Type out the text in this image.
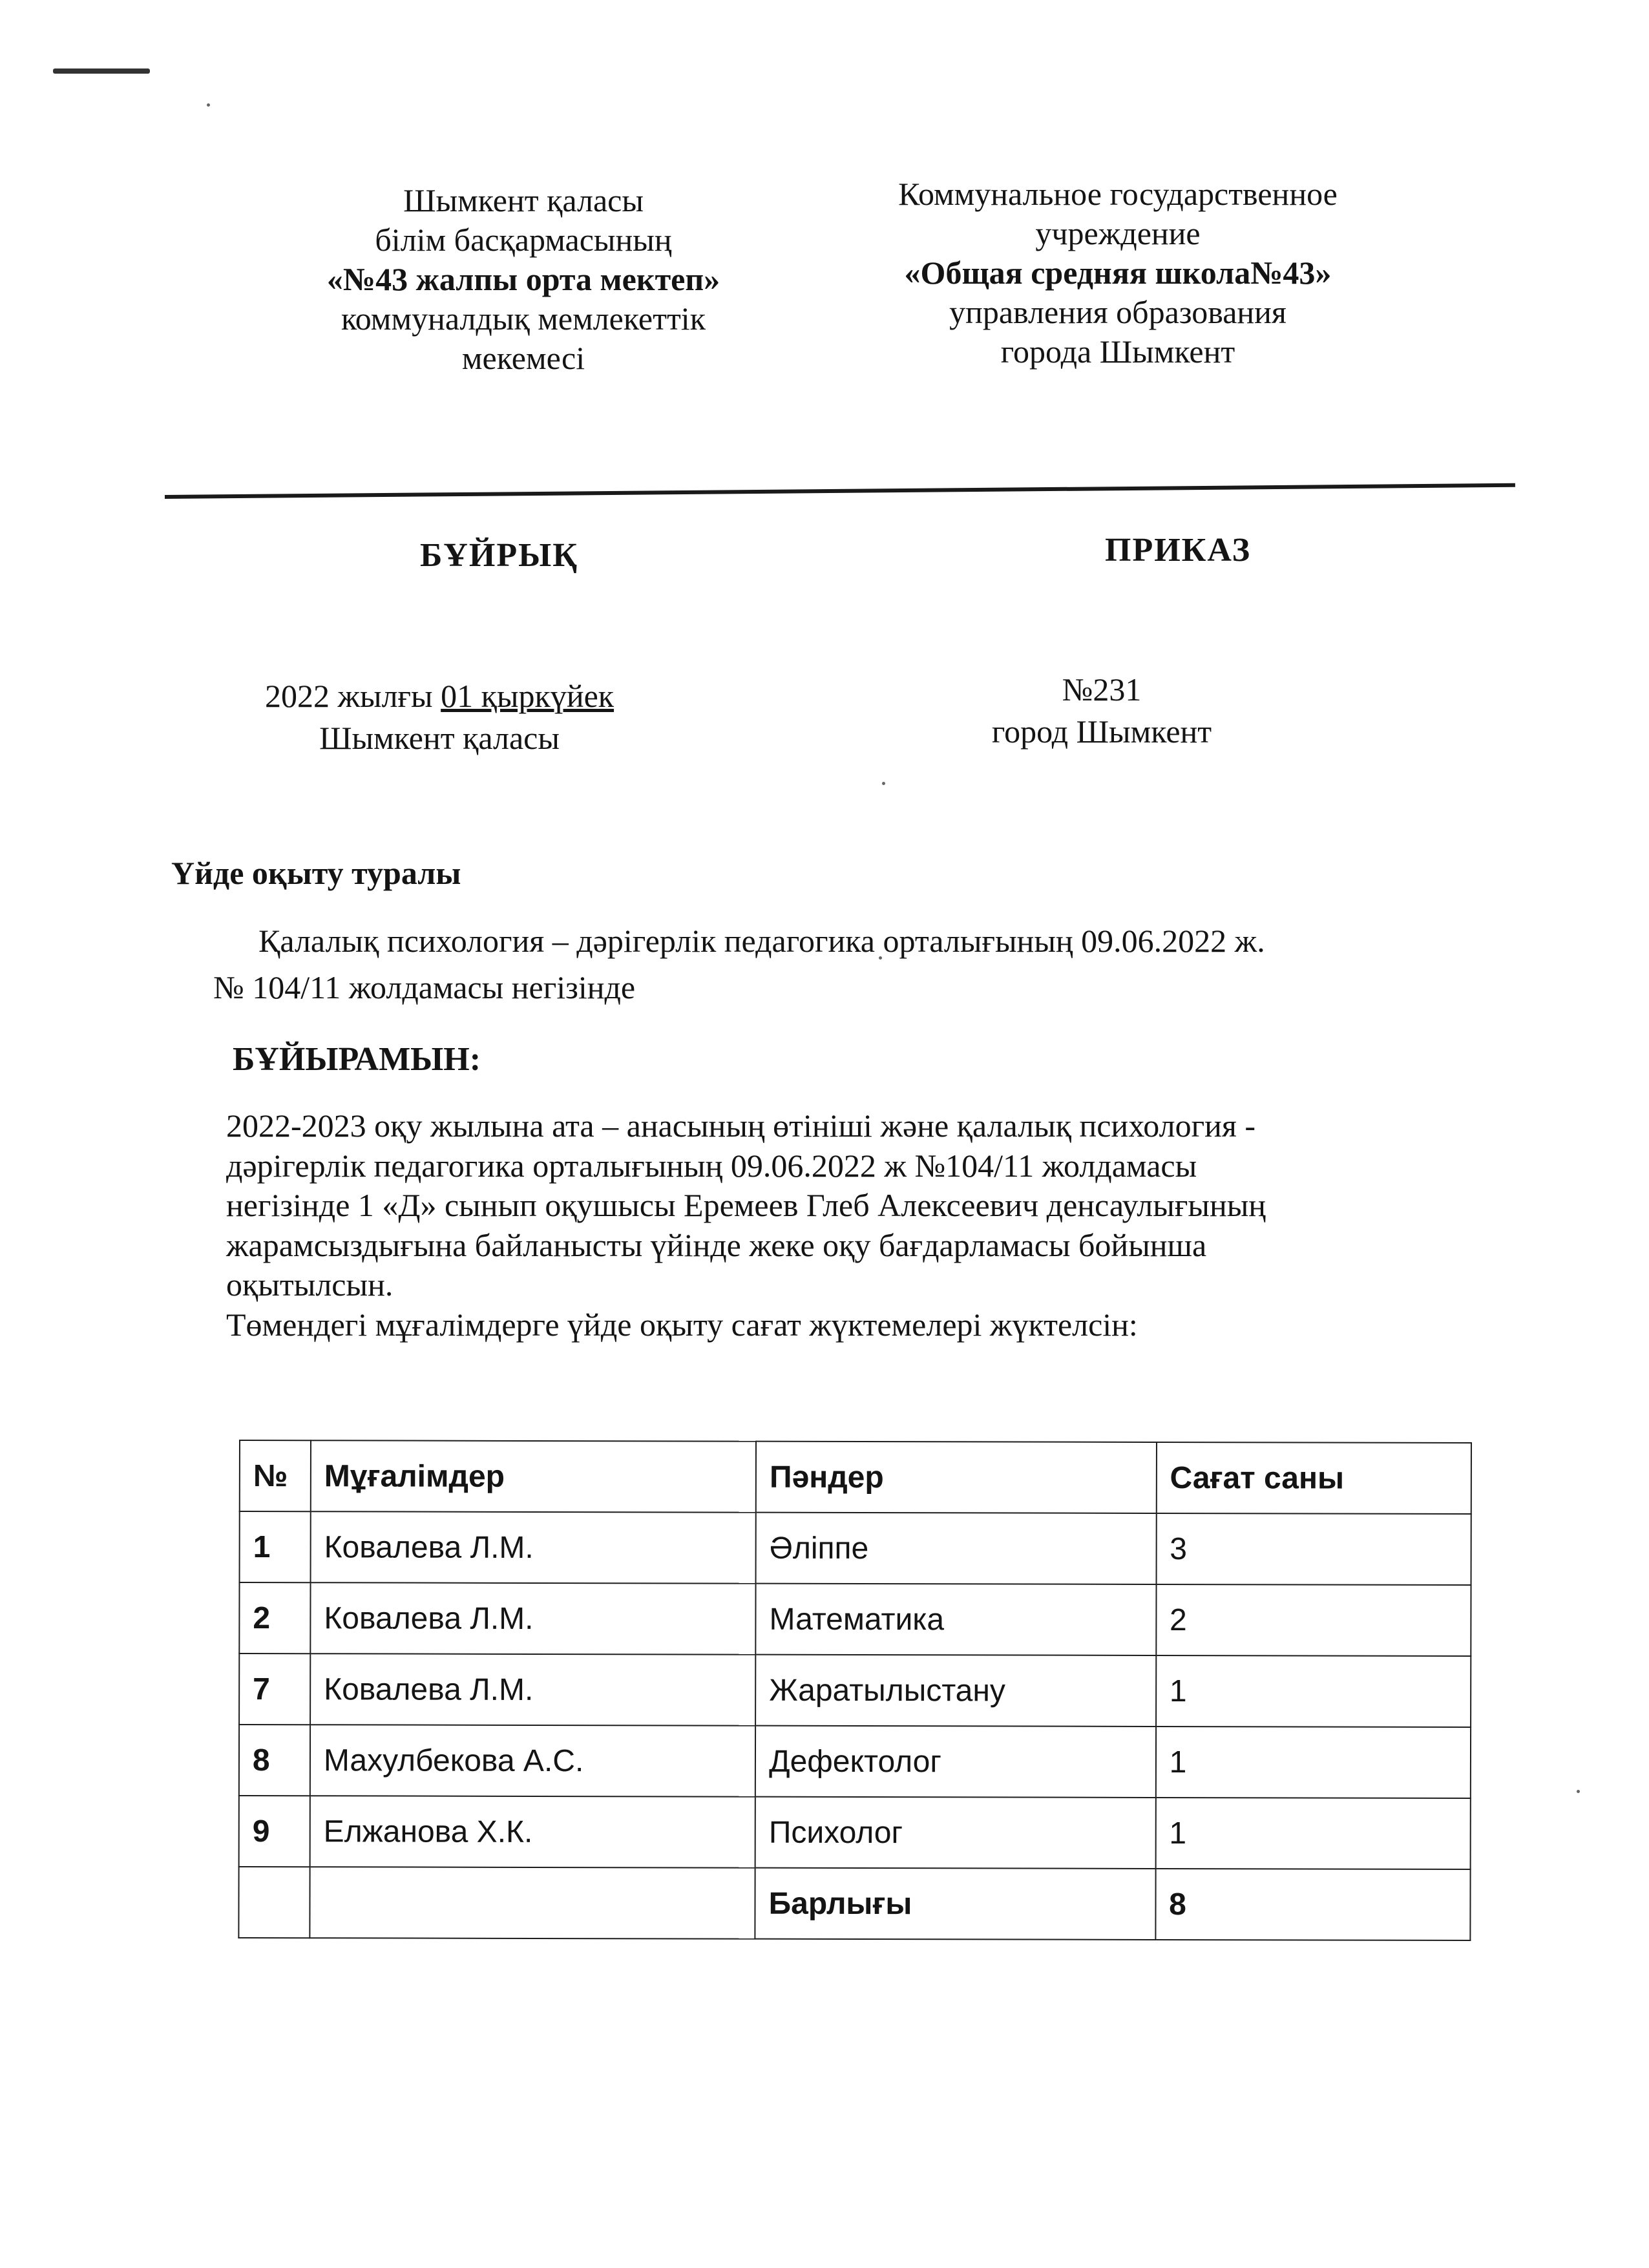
Шымкент қаласы
білім басқармасының
«№43 жалпы орта мектеп»
коммуналдық мемлекеттік
мекемесі
Коммунальное государственное
учреждение
«Общая средняя школа№43»
управления образования
города Шымкент
БҰЙРЫҚ	ПРИКАЗ
2022 жылғы 01 қыркүйек
Шымкент қаласы
№231
город Шымкент
Үйде оқыту туралы
Қалалық психология – дәрігерлік педагогика орталығының 09.06.2022 ж.
№ 104/11 жолдамасы негізінде
БҰЙЫРАМЫН:
2022-2023 оқу жылына ата – анасының өтініші және қалалық психология -
дәрігерлік педагогика орталығының 09.06.2022 ж №104/11 жолдамасы
негізінде 1 «Д» сынып оқушысы Еремеев Глеб Алексеевич денсаулығының
жарамсыздығына байланысты үйінде жеке оқу бағдарламасы бойынша
оқытылсын.
Төмендегі мұғалімдерге үйде оқыту сағат жүктемелері жүктелсін:
№	Мұғалімдер	Пәндер	Сағат саны
1	Ковалева Л.М.	Әліппе	3
2	Ковалева Л.М.	Математика	2
7	Ковалева Л.М.	Жаратылыстану	1
8	Махулбекова А.С.	Дефектолог	1
9	Елжанова Х.К.	Психолог	1
		Барлығы	8
